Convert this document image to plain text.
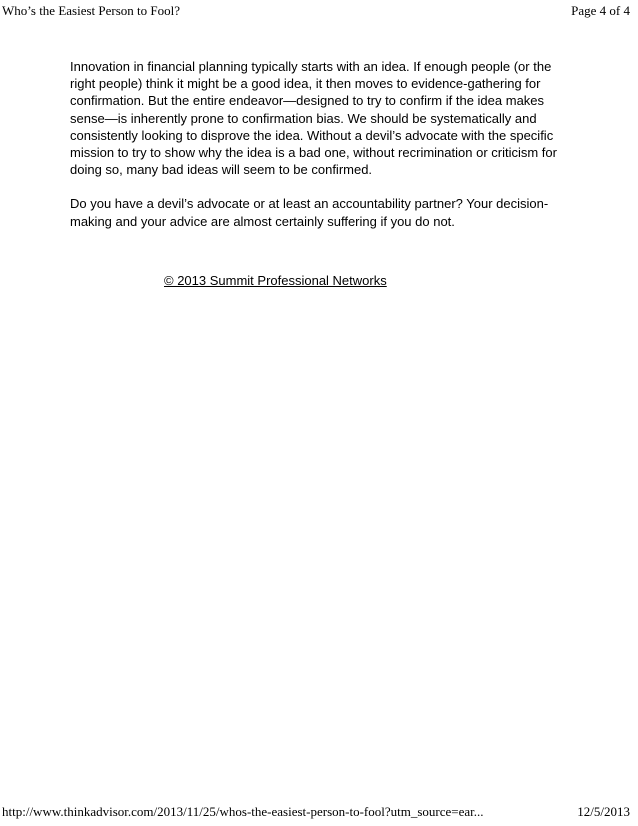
Who’s the Easiest Person to Fool?	Page 4 of 4

Innovation in financial planning typically starts with an idea. If enough people (or the right people) think it might be a good idea, it then moves to evidence-gathering for confirmation. But the entire endeavor—designed to try to confirm if the idea makes sense—is inherently prone to confirmation bias. We should be systematically and consistently looking to disprove the idea. Without a devil’s advocate with the specific mission to try to show why the idea is a bad one, without recrimination or criticism for doing so, many bad ideas will seem to be confirmed.

Do you have a devil’s advocate or at least an accountability partner? Your decision-making and your advice are almost certainly suffering if you do not.

© 2013 Summit Professional Networks
http://www.thinkadvisor.com/2013/11/25/whos-the-easiest-person-to-fool?utm_source=ear...	12/5/2013
